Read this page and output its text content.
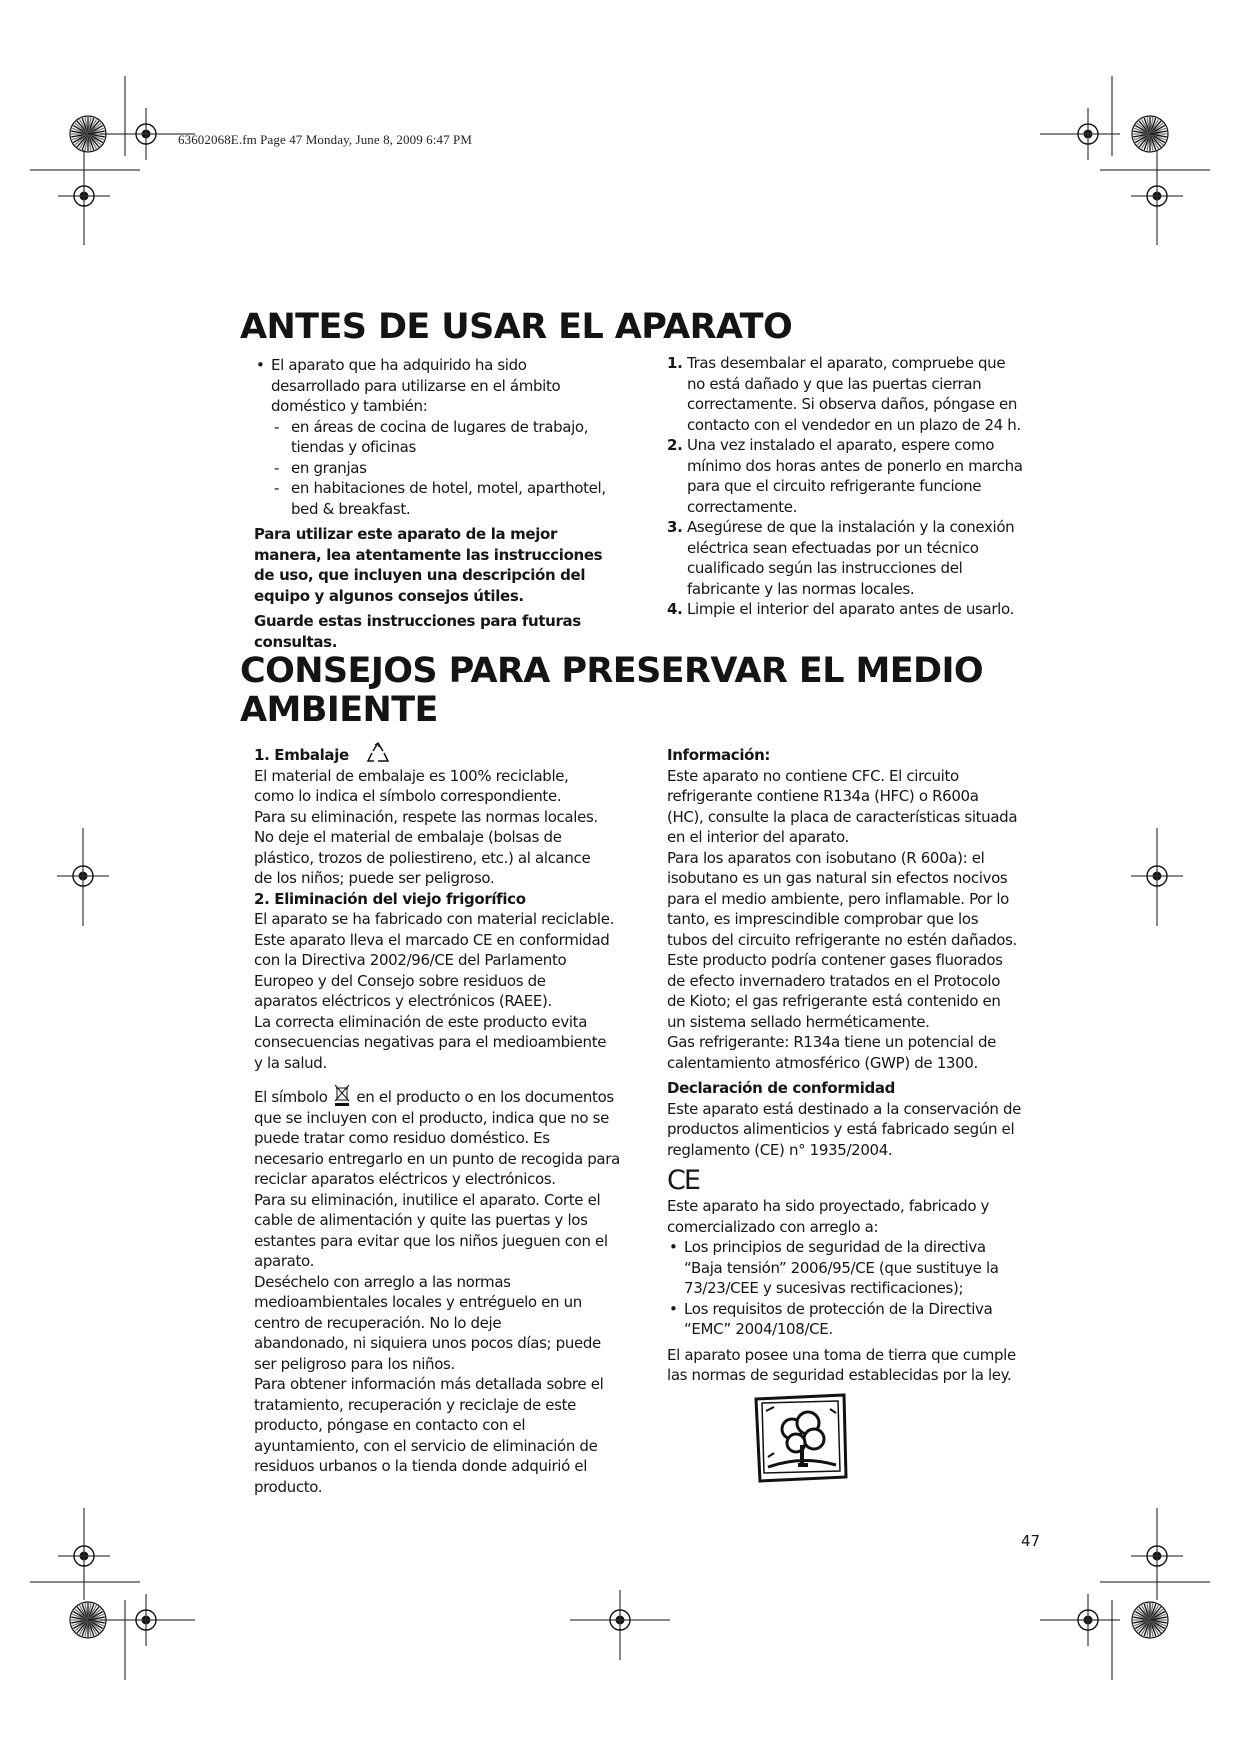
63602068E.fm Page 47 Monday, June 8, 2009 6:47 PM
ANTES DE USAR EL APARATO
• El aparato que ha adquirido ha sido
desarrollado para utilizarse en el ámbito
doméstico y también:
- en áreas de cocina de lugares de trabajo,
tiendas y oficinas
- en granjas
- en habitaciones de hotel, motel, aparthotel,
bed & breakfast.

Para utilizar este aparato de la mejor
manera, lea atentamente las instrucciones
de uso, que incluyen una descripción del
equipo y algunos consejos útiles.

Guarde estas instrucciones para futuras
consultas.

1. Tras desembalar el aparato, compruebe que
no está dañado y que las puertas cierran
correctamente. Si observa daños, póngase en
contacto con el vendedor en un plazo de 24 h.
2. Una vez instalado el aparato, espere como
mínimo dos horas antes de ponerlo en marcha
para que el circuito refrigerante funcione
correctamente.
3. Asegúrese de que la instalación y la conexión
eléctrica sean efectuadas por un técnico
cualificado según las instrucciones del
fabricante y las normas locales.
4. Limpie el interior del aparato antes de usarlo.
CONSEJOS PARA PRESERVAR EL MEDIO
AMBIENTE

1. Embalaje

El material de embalaje es 100% reciclable,
como lo indica el símbolo correspondiente.
Para su eliminación, respete las normas locales.
No deje el material de embalaje (bolsas de
plástico, trozos de poliestireno, etc.) al alcance
de los niños; puede ser peligroso.

2. Eliminación del viejo frigorífico

El aparato se ha fabricado con material reciclable.
Este aparato lleva el marcado CE en conformidad
con la Directiva 2002/96/CE del Parlamento
Europeo y del Consejo sobre residuos de
aparatos eléctricos y electrónicos (RAEE).
La correcta eliminación de este producto evita
consecuencias negativas para el medioambiente
y la salud.

El símbolo en el producto o en los documentos

que se incluyen con el producto, indica que no se
puede tratar como residuo doméstico. Es
necesario entregarlo en un punto de recogida para
reciclar aparatos eléctricos y electrónicos.
Para su eliminación, inutilice el aparato. Corte el
cable de alimentación y quite las puertas y los
estantes para evitar que los niños jueguen con el
aparato.
Deséchelo con arreglo a las normas
medioambientales locales y entréguelo en un
centro de recuperación. No lo deje
abandonado, ni siquiera unos pocos días; puede
ser peligroso para los niños.
Para obtener información más detallada sobre el
tratamiento, recuperación y reciclaje de este
producto, póngase en contacto con el
ayuntamiento, con el servicio de eliminación de
residuos urbanos o la tienda donde adquirió el
producto.

Información:

Este aparato no contiene CFC. El circuito
refrigerante contiene R134a (HFC) o R600a
(HC), consulte la placa de características situada
en el interior del aparato.
Para los aparatos con isobutano (R 600a): el
isobutano es un gas natural sin efectos nocivos
para el medio ambiente, pero inflamable. Por lo
tanto, es imprescindible comprobar que los
tubos del circuito refrigerante no estén dañados.
Este producto podría contener gases fluorados
de efecto invernadero tratados en el Protocolo
de Kioto; el gas refrigerante está contenido en
un sistema sellado herméticamente.
Gas refrigerante: R134a tiene un potencial de
calentamiento atmosférico (GWP) de 1300.

Declaración de conformidad

Este aparato está destinado a la conservación de
productos alimenticios y está fabricado según el
reglamento (CE) n° 1935/2004.

CE

Este aparato ha sido proyectado, fabricado y
comercializado con arreglo a:

• Los principios de seguridad de la directiva
“Baja tensión” 2006/95/CE (que sustituye la
73/23/CEE y sucesivas rectificaciones);
• Los requisitos de protección de la Directiva
“EMC” 2004/108/CE.

El aparato posee una toma de tierra que cumple
las normas de seguridad establecidas por la ley.

47
